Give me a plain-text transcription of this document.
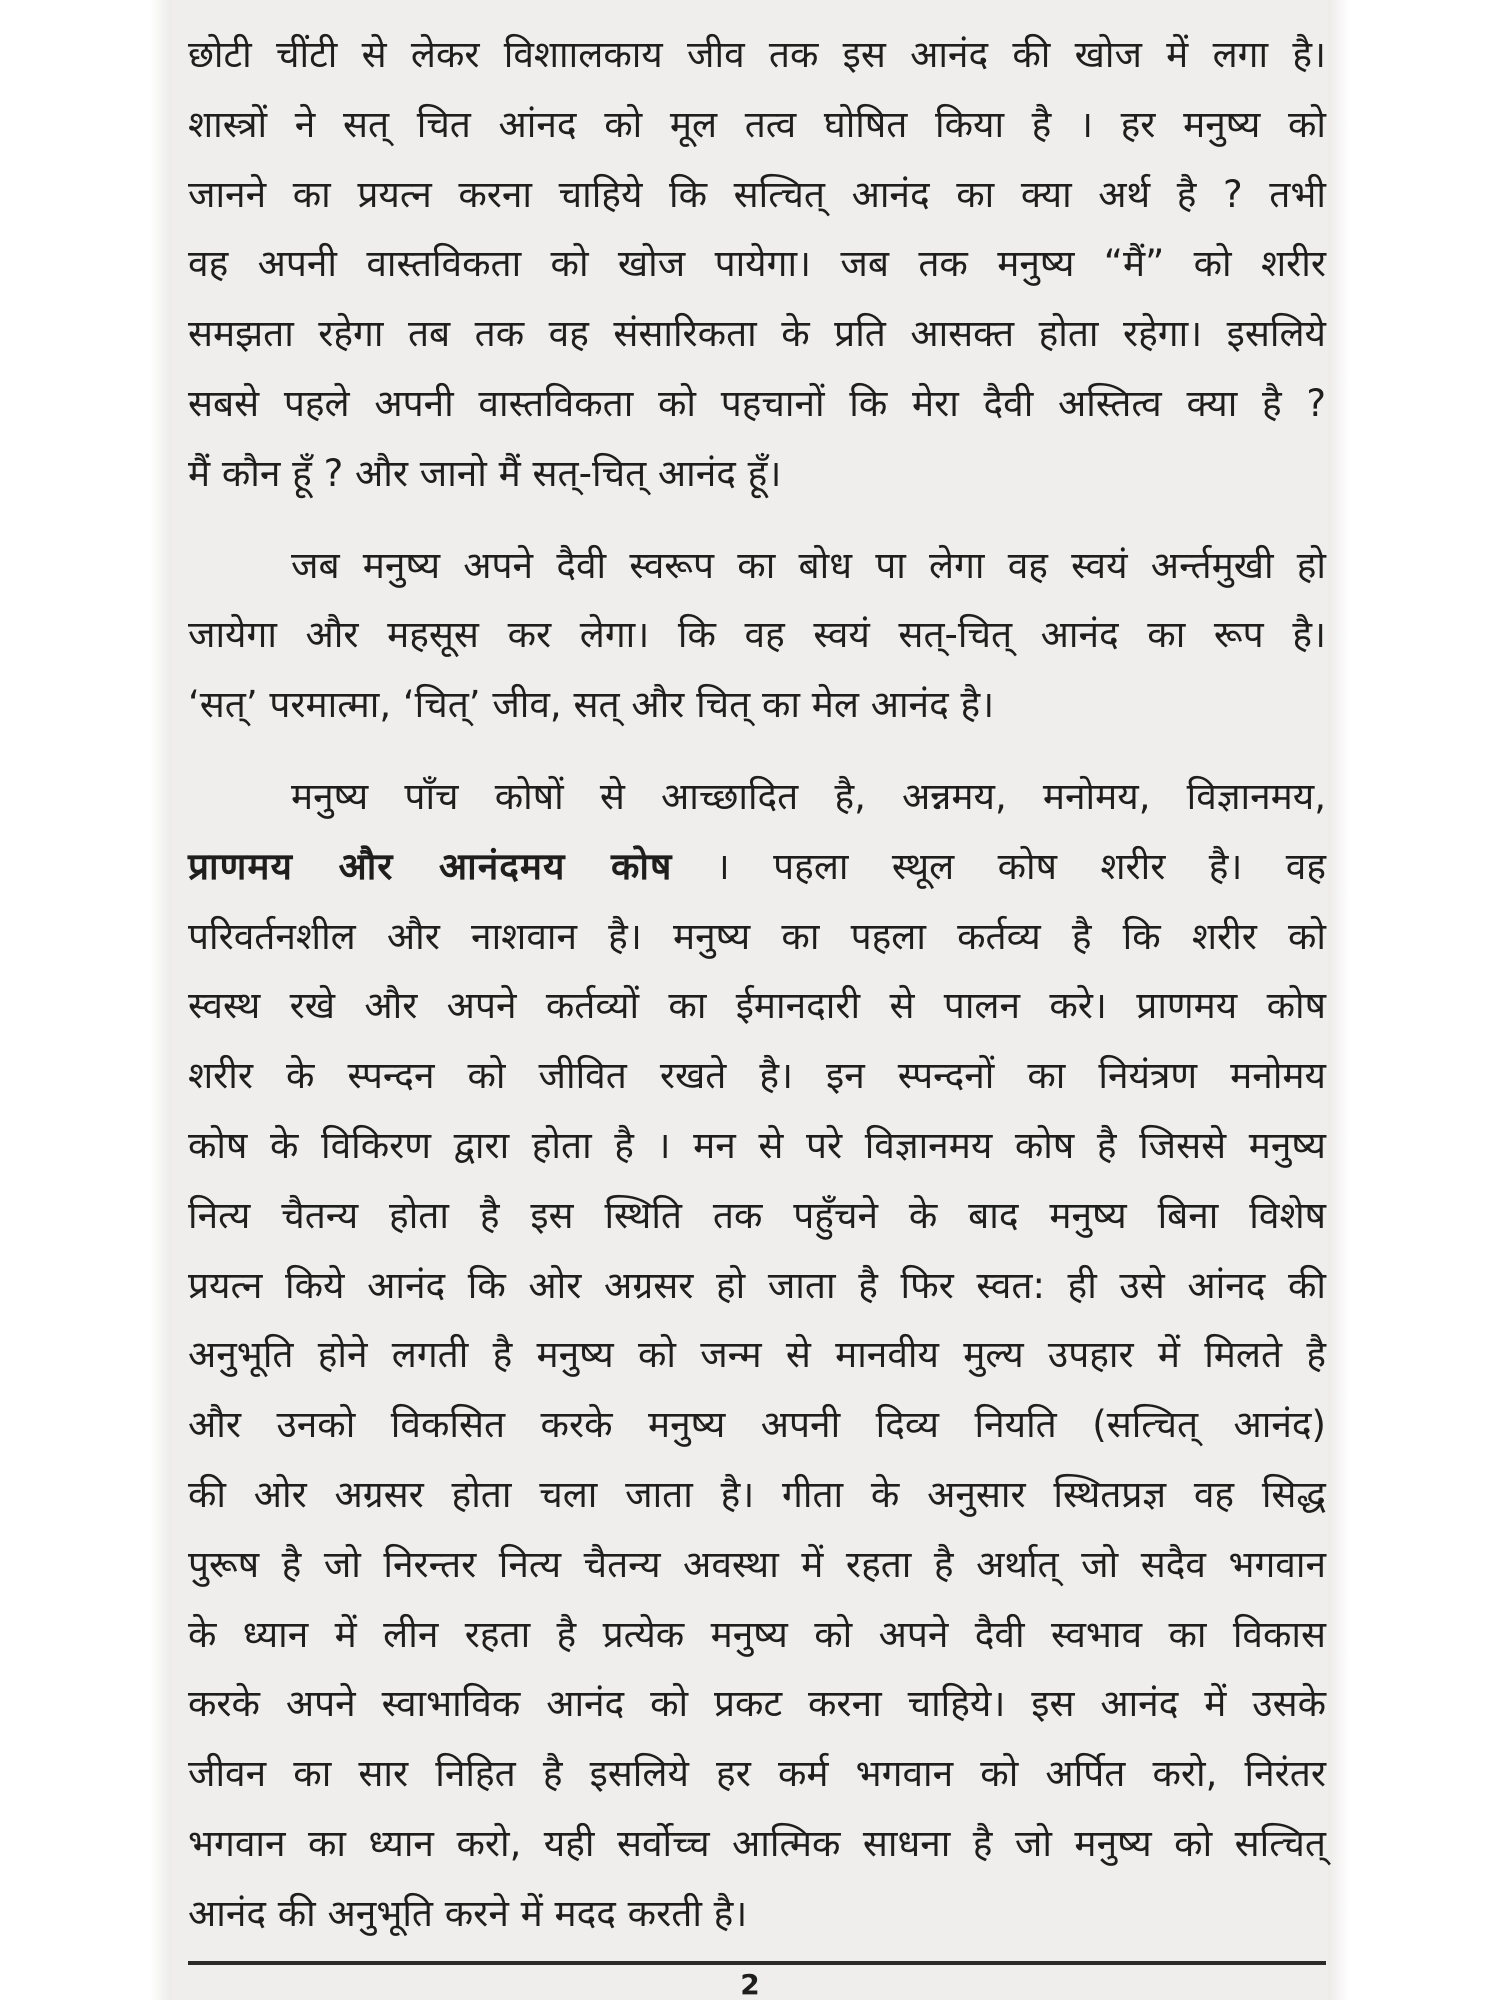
छोटी चींटी से लेकर विशाालकाय जीव तक इस आनंद की खोज में लगा है।
शास्त्रों ने सत् चित आंनद को मूल तत्व घोषित किया है । हर मनुष्य को
जानने का प्रयत्न करना चाहिये कि सत्चित् आनंद का क्या अर्थ है ? तभी
वह अपनी वास्तविकता को खोज पायेगा। जब तक मनुष्य “मैं” को शरीर
समझता रहेगा तब तक वह संसारिकता के प्रति आसक्त होता रहेगा। इसलिये
सबसे पहले अपनी वास्तविकता को पहचानों कि मेरा दैवी अस्तित्व क्या है ?
मैं कौन हूँ ? और जानो मैं सत्-चित् आनंद हूँ।
जब मनुष्य अपने दैवी स्वरूप का बोध पा लेगा वह स्वयं अर्न्तमुखी हो
जायेगा और महसूस कर लेगा। कि वह स्वयं सत्-चित् आनंद का रूप है।
‘सत्’ परमात्मा, ‘चित्’ जीव, सत् और चित् का मेल आनंद है।
मनुष्य पाँच कोषों से आच्छादित है, अन्नमय, मनोमय, विज्ञानमय,
प्राणमय और आनंदमय कोष । पहला स्थूल कोष शरीर है। वह
परिवर्तनशील और नाशवान है। मनुष्य का पहला कर्तव्य है कि शरीर को
स्वस्थ रखे और अपने कर्तव्यों का ईमानदारी से पालन करे। प्राणमय कोष
शरीर के स्पन्दन को जीवित रखते है। इन स्पन्दनों का नियंत्रण मनोमय
कोष के विकिरण द्वारा होता है । मन से परे विज्ञानमय कोष है जिससे मनुष्य
नित्य चैतन्य होता है इस स्थिति तक पहुँचने के बाद मनुष्य बिना विशेष
प्रयत्न किये आनंद कि ओर अग्रसर हो जाता है फिर स्वत: ही उसे आंनद की
अनुभूति होने लगती है मनुष्य को जन्म से मानवीय मुल्य उपहार में मिलते है
और उनको विकसित करके मनुष्य अपनी दिव्य नियति (सत्चित् आनंद)
की ओर अग्रसर होता चला जाता है। गीता के अनुसार स्थितप्रज्ञ वह सिद्ध
पुरूष है जो निरन्तर नित्य चैतन्य अवस्था में रहता है अर्थात् जो सदैव भगवान
के ध्यान में लीन रहता है प्रत्येक मनुष्य को अपने दैवी स्वभाव का विकास
करके अपने स्वाभाविक आनंद को प्रकट करना चाहिये। इस आनंद में उसके
जीवन का सार निहित है इसलिये हर कर्म भगवान को अर्पित करो, निरंतर
भगवान का ध्यान करो, यही सर्वोच्च आत्मिक साधना है जो मनुष्य को सत्चित्
आनंद की अनुभूति करने में मदद करती है।
2
